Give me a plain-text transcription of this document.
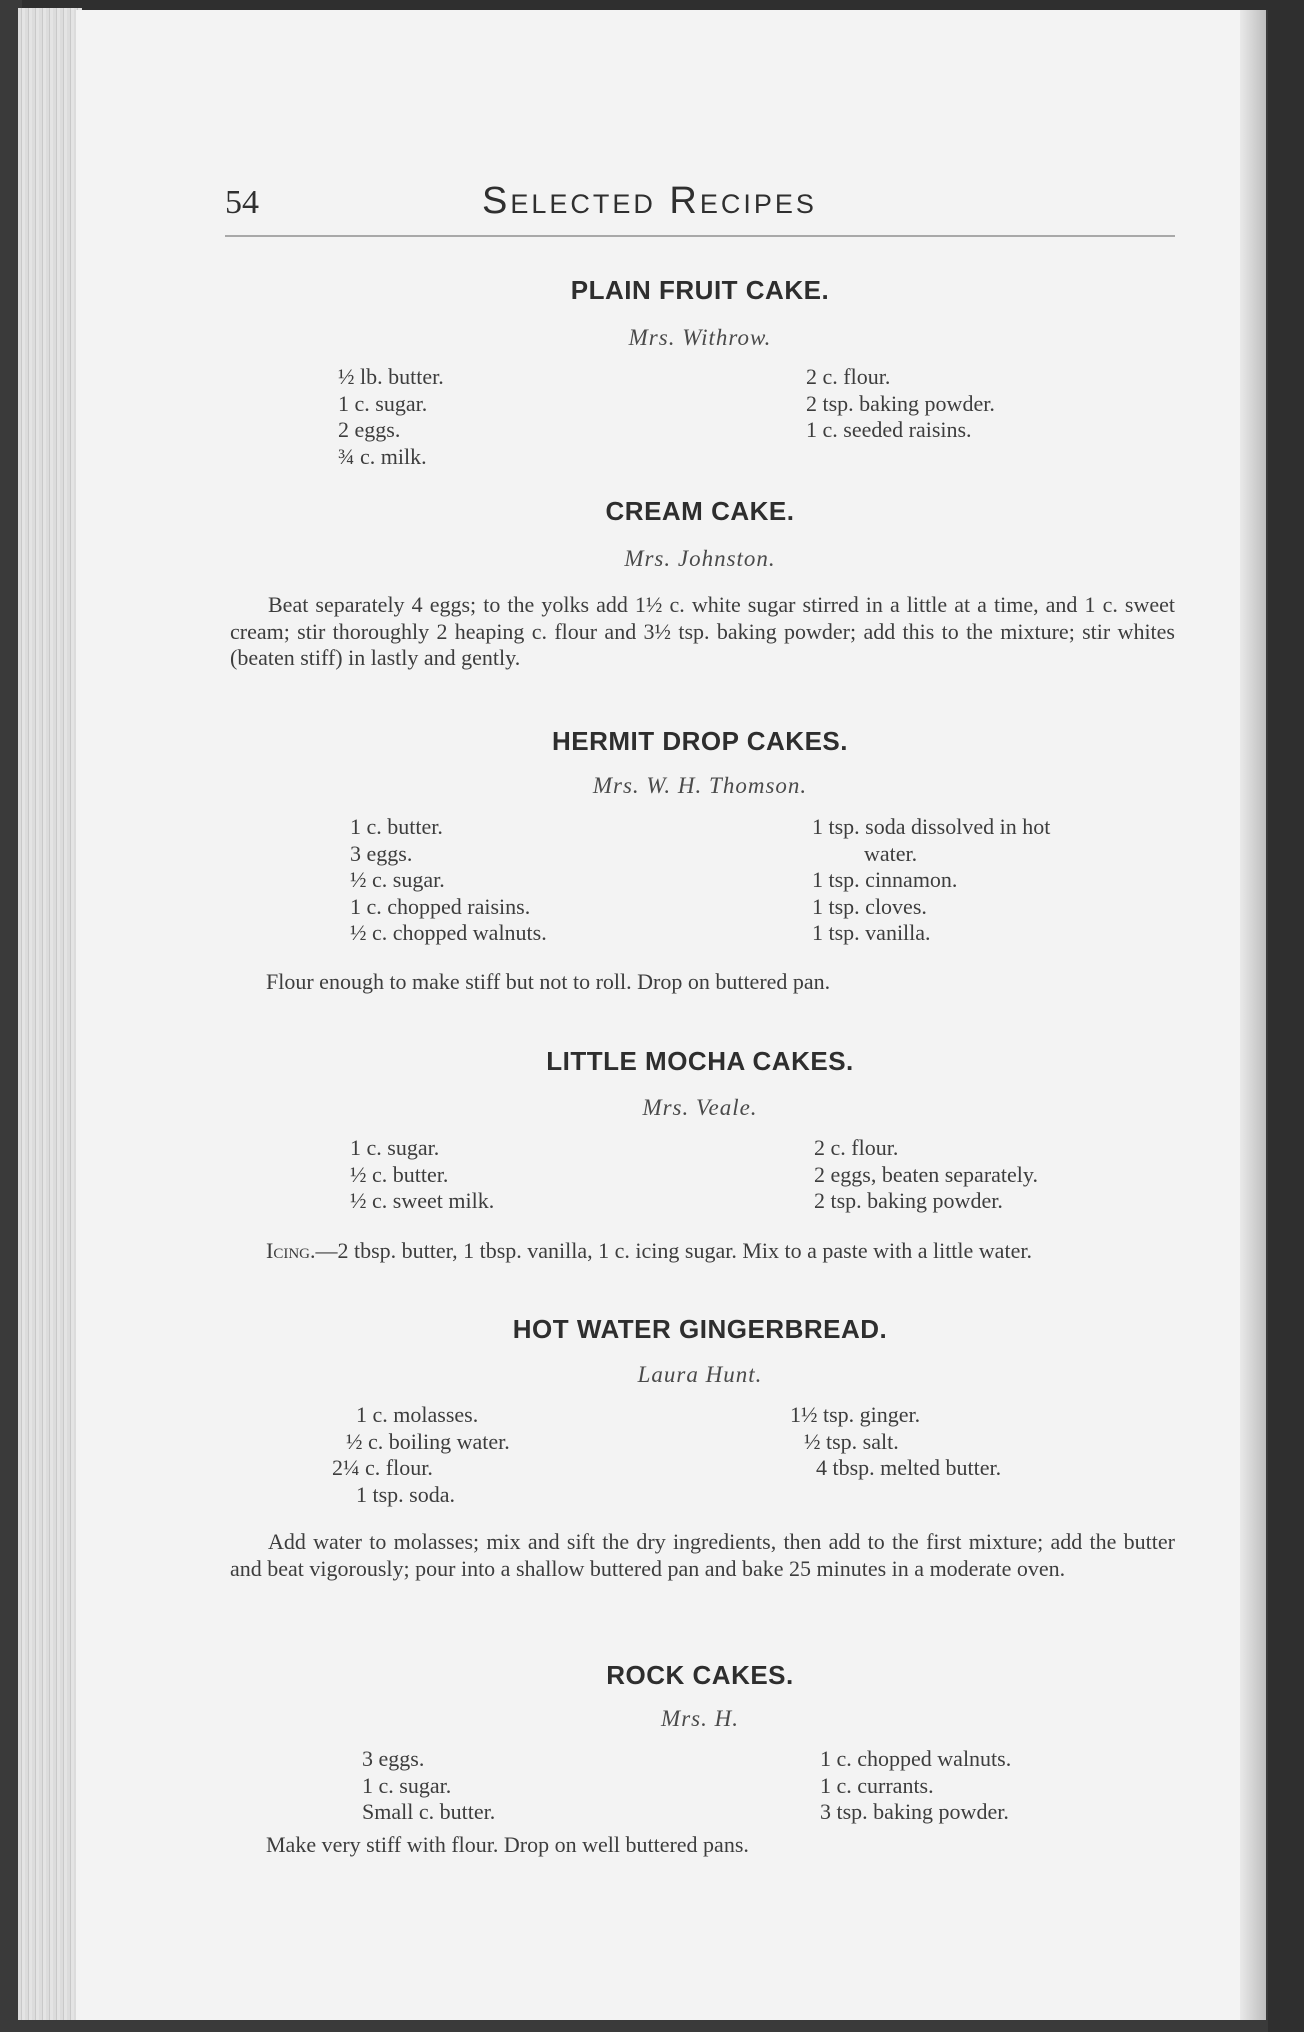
54	Selected Recipes
PLAIN FRUIT CAKE.
Mrs. Withrow.
½ lb. butter.
1 c. sugar.
2 eggs.
¾ c. milk.
2 c. flour.
2 tsp. baking powder.
1 c. seeded raisins.
CREAM CAKE.
Mrs. Johnston.

Beat separately 4 eggs; to the yolks add 1½ c. white sugar stirred in a little at a time, and 1 c. sweet cream; stir thoroughly 2 heaping c. flour and 3½ tsp. baking powder; add this to the mixture; stir whites (beaten stiff) in lastly and gently.

HERMIT DROP CAKES.
Mrs. W. H. Thomson.
1 c. butter.
3 eggs.
½ c. sugar.
1 c. chopped raisins.
½ c. chopped walnuts.
1 tsp. soda dissolved in hot
water.
1 tsp. cinnamon.
1 tsp. cloves.
1 tsp. vanilla.

Flour enough to make stiff but not to roll. Drop on buttered pan.

LITTLE MOCHA CAKES.
Mrs. Veale.
1 c. sugar.
½ c. butter.
½ c. sweet milk.
2 c. flour.
2 eggs, beaten separately.
2 tsp. baking powder.

Icing.—2 tbsp. butter, 1 tbsp. vanilla, 1 c. icing sugar. Mix to a paste with a little water.

HOT WATER GINGERBREAD.
Laura Hunt.
1 c. molasses.
½ c. boiling water.
2¼ c. flour.
1 tsp. soda.
1½ tsp. ginger.
½ tsp. salt.
4 tbsp. melted butter.

Add water to molasses; mix and sift the dry ingredients, then add to the first mixture; add the butter and beat vigorously; pour into a shallow buttered pan and bake 25 minutes in a moderate oven.

ROCK CAKES.
Mrs. H.
3 eggs.
1 c. sugar.
Small c. butter.
1 c. chopped walnuts.
1 c. currants.
3 tsp. baking powder.

Make very stiff with flour. Drop on well buttered pans.
